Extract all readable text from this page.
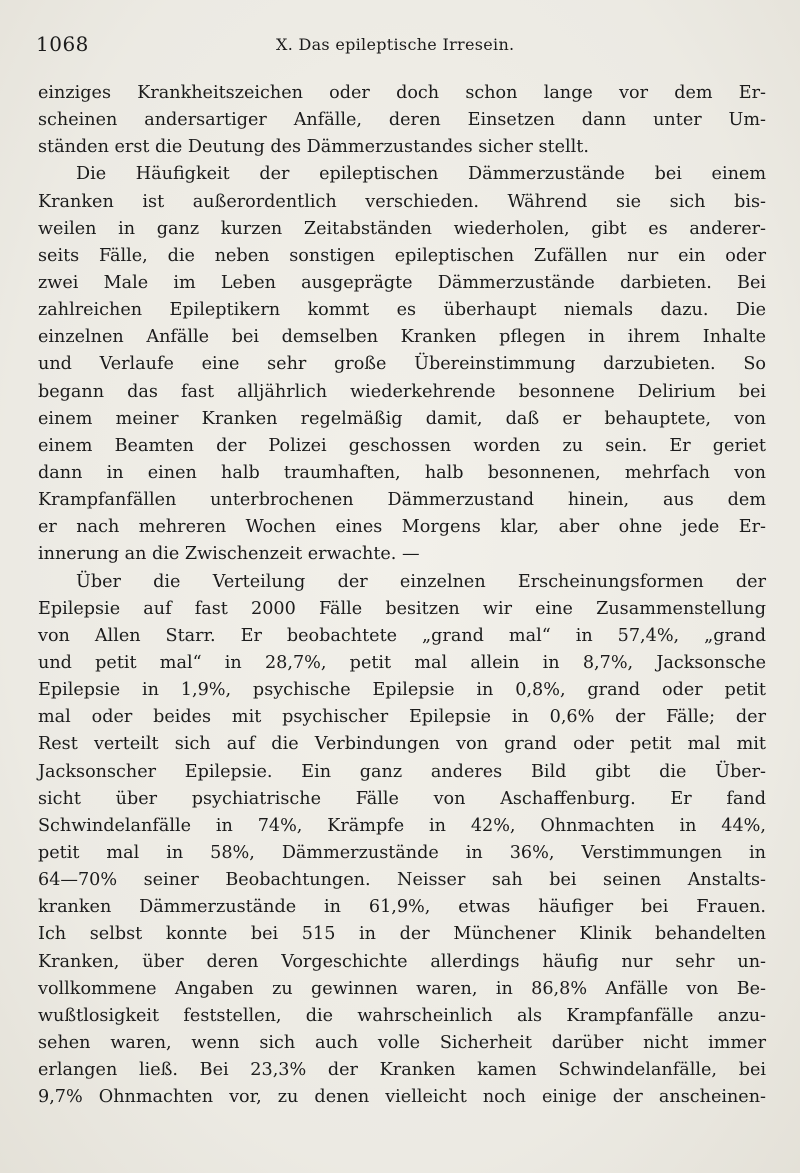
1068	X. Das epileptische Irresein.
einziges Krankheitszeichen oder doch schon lange vor dem Er-
scheinen andersartiger Anfälle, deren Einsetzen dann unter Um-
ständen erst die Deutung des Dämmerzustandes sicher stellt.
Die Häufigkeit der epileptischen Dämmerzustände bei einem
Kranken ist außerordentlich verschieden. Während sie sich bis-
weilen in ganz kurzen Zeitabständen wiederholen, gibt es anderer-
seits Fälle, die neben sonstigen epileptischen Zufällen nur ein oder
zwei Male im Leben ausgeprägte Dämmerzustände darbieten. Bei
zahlreichen Epileptikern kommt es überhaupt niemals dazu. Die
einzelnen Anfälle bei demselben Kranken pflegen in ihrem Inhalte
und Verlaufe eine sehr große Übereinstimmung darzubieten. So
begann das fast alljährlich wiederkehrende besonnene Delirium bei
einem meiner Kranken regelmäßig damit, daß er behauptete, von
einem Beamten der Polizei geschossen worden zu sein. Er geriet
dann in einen halb traumhaften, halb besonnenen, mehrfach von
Krampfanfällen unterbrochenen Dämmerzustand hinein, aus dem
er nach mehreren Wochen eines Morgens klar, aber ohne jede Er-
innerung an die Zwischenzeit erwachte. —
Über die Verteilung der einzelnen Erscheinungsformen der
Epilepsie auf fast 2000 Fälle besitzen wir eine Zusammenstellung
von Allen Starr. Er beobachtete „grand mal“ in 57,4%, „grand
und petit mal“ in 28,7%, petit mal allein in 8,7%, Jacksonsche
Epilepsie in 1,9%, psychische Epilepsie in 0,8%, grand oder petit
mal oder beides mit psychischer Epilepsie in 0,6% der Fälle; der
Rest verteilt sich auf die Verbindungen von grand oder petit mal mit
Jacksonscher Epilepsie. Ein ganz anderes Bild gibt die Über-
sicht über psychiatrische Fälle von Aschaffenburg. Er fand
Schwindelanfälle in 74%, Krämpfe in 42%, Ohnmachten in 44%,
petit mal in 58%, Dämmerzustände in 36%, Verstimmungen in
64—70% seiner Beobachtungen. Neisser sah bei seinen Anstalts-
kranken Dämmerzustände in 61,9%, etwas häufiger bei Frauen.
Ich selbst konnte bei 515 in der Münchener Klinik behandelten
Kranken, über deren Vorgeschichte allerdings häufig nur sehr un-
vollkommene Angaben zu gewinnen waren, in 86,8% Anfälle von Be-
wußtlosigkeit feststellen, die wahrscheinlich als Krampfanfälle anzu-
sehen waren, wenn sich auch volle Sicherheit darüber nicht immer
erlangen ließ. Bei 23,3% der Kranken kamen Schwindelanfälle, bei
9,7% Ohnmachten vor, zu denen vielleicht noch einige der anscheinen-
